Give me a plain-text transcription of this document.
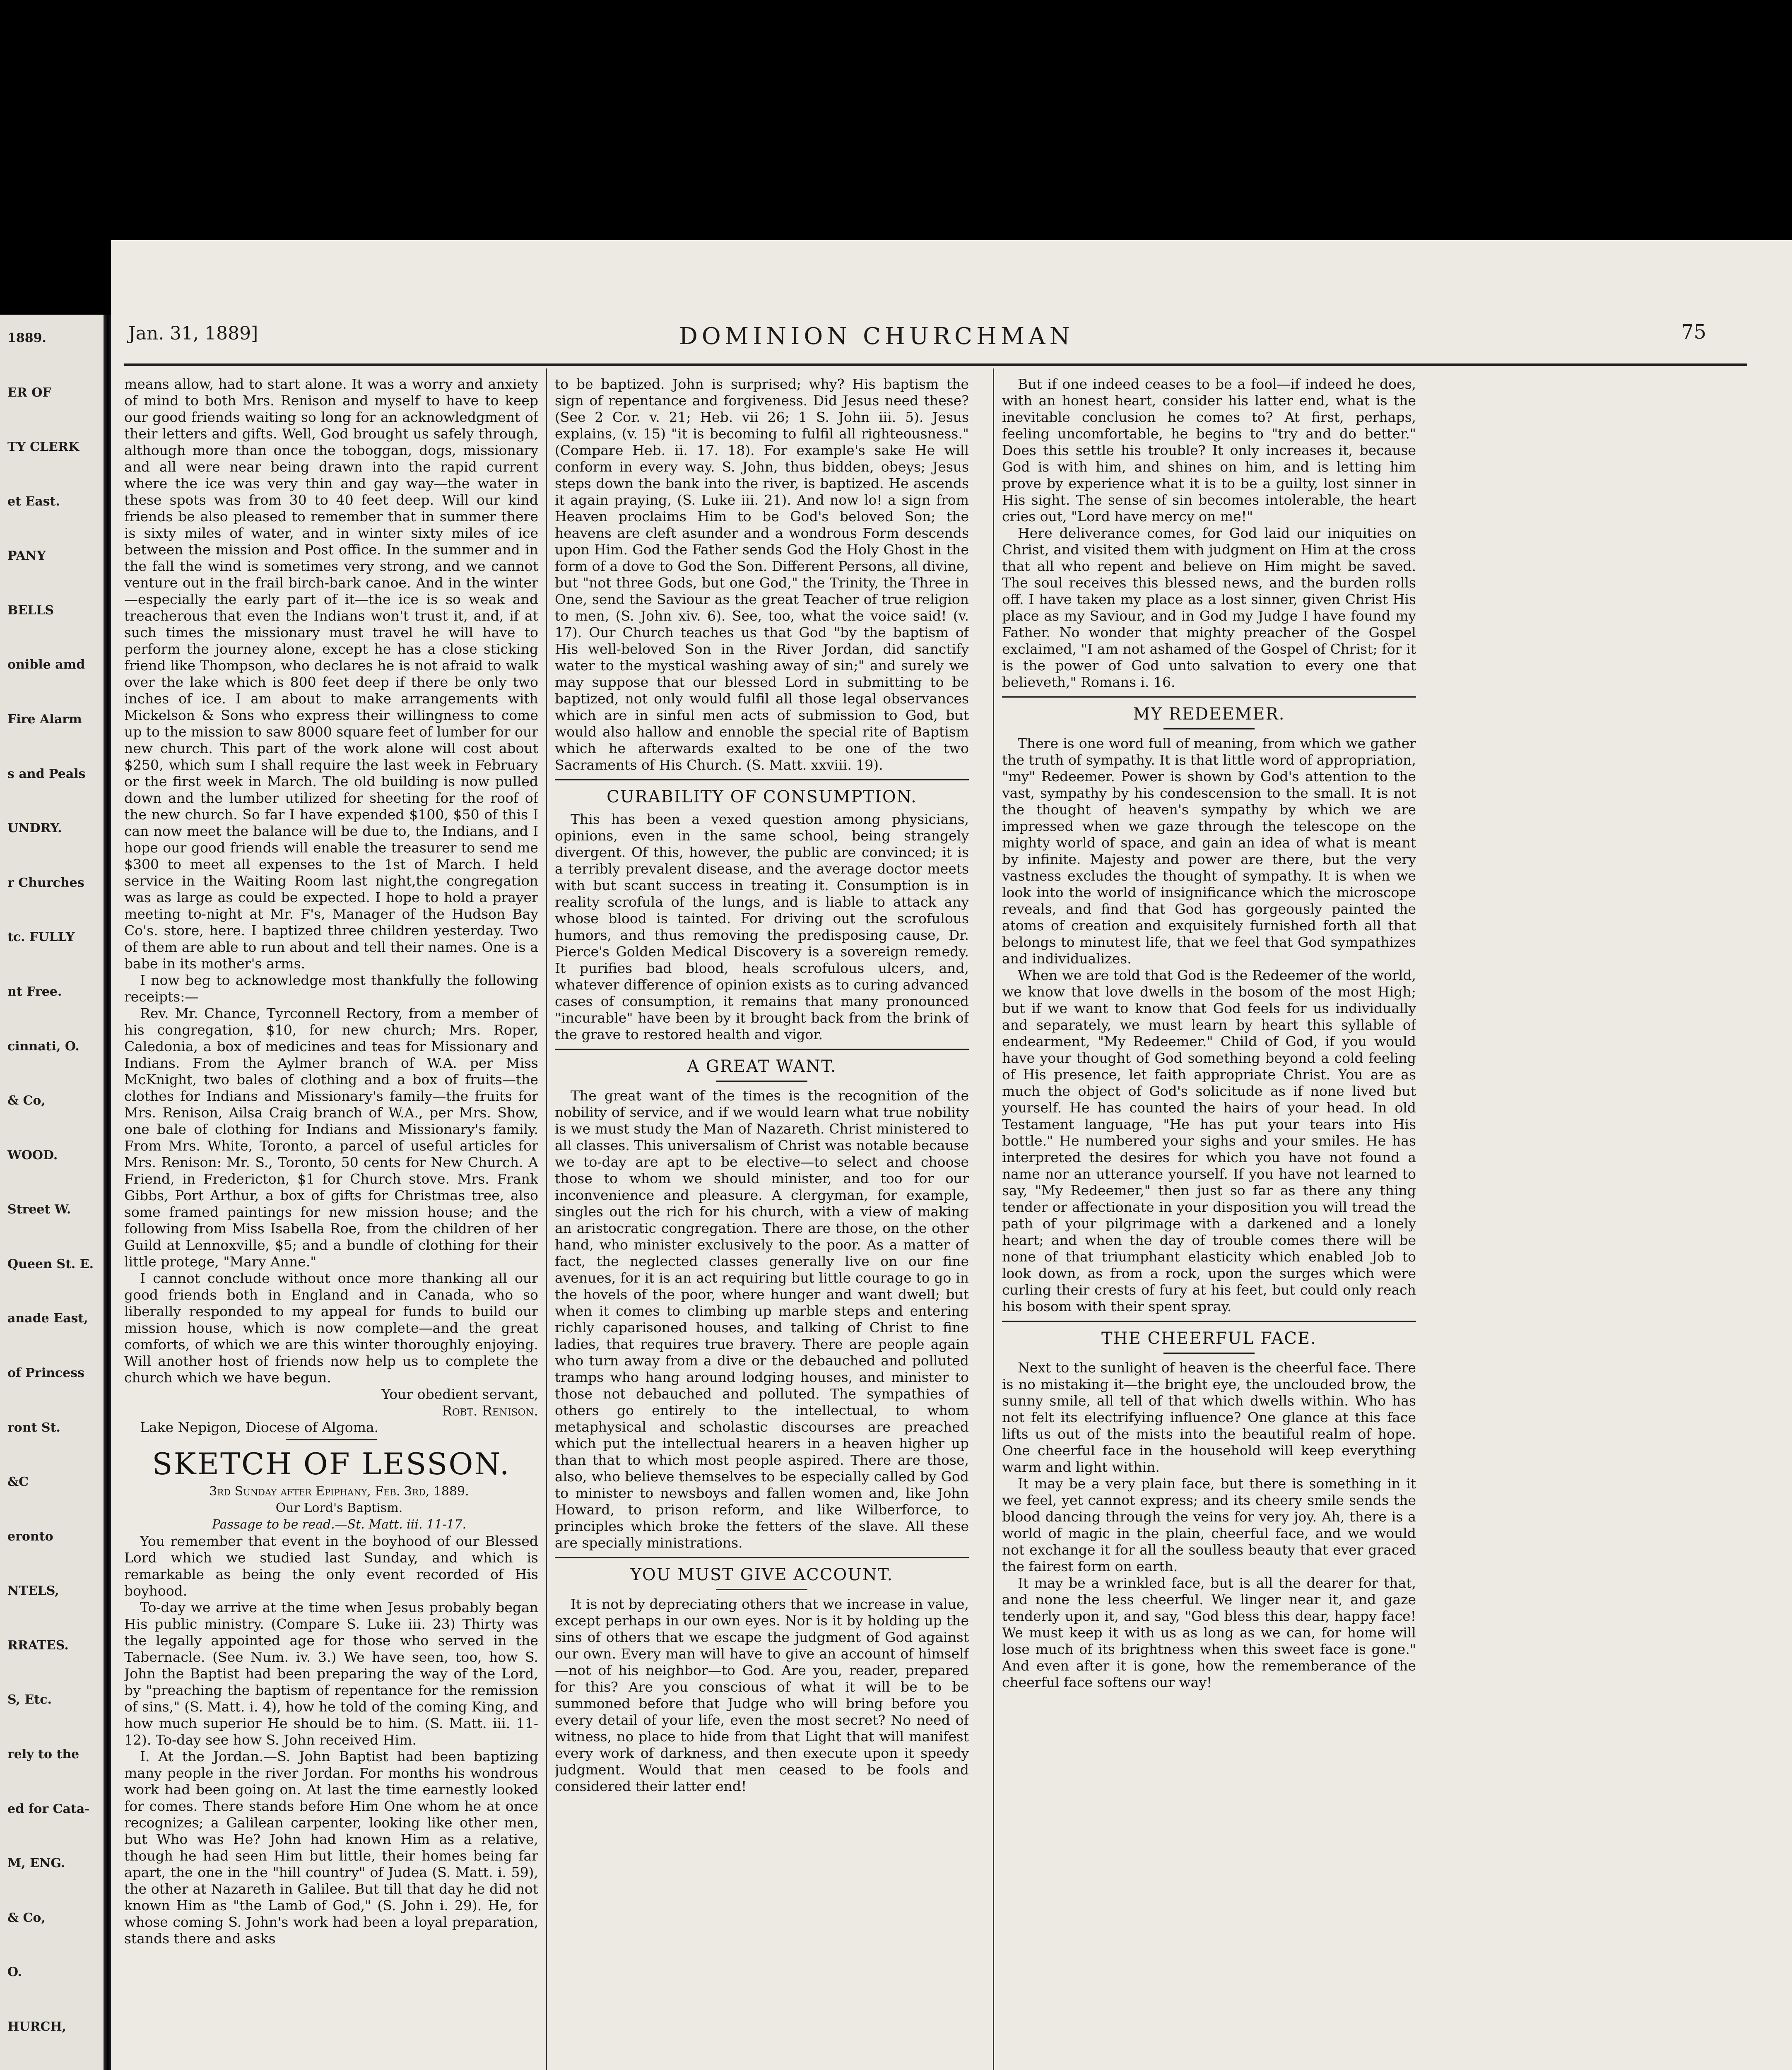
1889.
ER OF
TY CLERK
et East.
PANY
BELLS
onible amd
Fire Alarm
s and Peals
UNDRY.
r Churches
tc. FULLY
nt Free.
cinnati, O.
& Co,
WOOD.
Street W.
Queen St. E.
anade East,
of Princess
ront St.
&C
eronto
NTELS,
RRATES.
S, Etc.
rely to the
ed for Cata-
M, ENG.
& Co,
O.
HURCH,
Jan. 31, 1889]	DOMINION CHURCHMAN	75

means allow, had to start alone. It was a worry and anxiety of mind to both Mrs. Renison and myself to have to keep our good friends waiting so long for an acknowledgment of their letters and gifts. Well, God brought us safely through, although more than once the toboggan, dogs, missionary and all were near being drawn into the rapid current where the ice was very thin and gay way—the water in these spots was from 30 to 40 feet deep. Will our kind friends be also pleased to remember that in summer there is sixty miles of water, and in winter sixty miles of ice between the mission and Post office. In the summer and in the fall the wind is sometimes very strong, and we cannot venture out in the frail birch-bark canoe. And in the winter—especially the early part of it—the ice is so weak and treacherous that even the Indians won't trust it, and, if at such times the missionary must travel he will have to perform the journey alone, except he has a close sticking friend like Thompson, who declares he is not afraid to walk over the lake which is 800 feet deep if there be only two inches of ice. I am about to make arrangements with Mickelson & Sons who express their willingness to come up to the mission to saw 8000 square feet of lumber for our new church. This part of the work alone will cost about $250, which sum I shall require the last week in February or the first week in March. The old building is now pulled down and the lumber utilized for sheeting for the roof of the new church. So far I have expended $100, $50 of this I can now meet the balance will be due to, the Indians, and I hope our good friends will enable the treasurer to send me $300 to meet all expenses to the 1st of March. I held service in the Waiting Room last night,the congregation was as large as could be expected. I hope to hold a prayer meeting to-night at Mr. F's, Manager of the Hudson Bay Co's. store, here. I baptized three children yesterday. Two of them are able to run about and tell their names. One is a babe in its mother's arms.

I now beg to acknowledge most thankfully the following receipts:—

Rev. Mr. Chance, Tyrconnell Rectory, from a member of his congregation, $10, for new church; Mrs. Roper, Caledonia, a box of medicines and teas for Missionary and Indians. From the Aylmer branch of W.A. per Miss McKnight, two bales of clothing and a box of fruits—the clothes for Indians and Missionary's family—the fruits for Mrs. Renison, Ailsa Craig branch of W.A., per Mrs. Show, one bale of clothing for Indians and Missionary's family. From Mrs. White, Toronto, a parcel of useful articles for Mrs. Renison: Mr. S., Toronto, 50 cents for New Church. A Friend, in Fredericton, $1 for Church stove. Mrs. Frank Gibbs, Port Arthur, a box of gifts for Christmas tree, also some framed paintings for new mission house; and the following from Miss Isabella Roe, from the children of her Guild at Lennoxville, $5; and a bundle of clothing for their little protege, "Mary Anne."

I cannot conclude without once more thanking all our good friends both in England and in Canada, who so liberally responded to my appeal for funds to build our mission house, which is now complete—and the great comforts, of which we are this winter thoroughly enjoying. Will another host of friends now help us to complete the church which we have begun.

Your obedient servant,

Robt. Renison.

Lake Nepigon, Diocese of Algoma.

SKETCH OF LESSON.

3rd Sunday after Epiphany, Feb. 3rd, 1889.

Our Lord's Baptism.

Passage to be read.—St. Matt. iii. 11-17.

You remember that event in the boyhood of our Blessed Lord which we studied last Sunday, and which is remarkable as being the only event recorded of His boyhood.

To-day we arrive at the time when Jesus probably began His public ministry. (Compare S. Luke iii. 23) Thirty was the legally appointed age for those who served in the Tabernacle. (See Num. iv. 3.) We have seen, too, how S. John the Baptist had been preparing the way of the Lord, by "preaching the baptism of repentance for the remission of sins," (S. Matt. i. 4), how he told of the coming King, and how much superior He should be to him. (S. Matt. iii. 11-12). To-day see how S. John received Him.

I. At the Jordan.—S. John Baptist had been baptizing many people in the river Jordan. For months his wondrous work had been going on. At last the time earnestly looked for comes. There stands before Him One whom he at once recognizes; a Galilean carpenter, looking like other men, but Who was He? John had known Him as a relative, though he had seen Him but little, their homes being far apart, the one in the "hill country" of Judea (S. Matt. i. 59), the other at Nazareth in Galilee. But till that day he did not known Him as "the Lamb of God," (S. John i. 29). He, for whose coming S. John's work had been a loyal preparation, stands there and asks

to be baptized. John is surprised; why? His baptism the sign of repentance and forgiveness. Did Jesus need these? (See 2 Cor. v. 21; Heb. vii 26; 1 S. John iii. 5). Jesus explains, (v. 15) "it is becoming to fulfil all righteousness." (Compare Heb. ii. 17. 18). For example's sake He will conform in every way. S. John, thus bidden, obeys; Jesus steps down the bank into the river, is baptized. He ascends it again praying, (S. Luke iii. 21). And now lo! a sign from Heaven proclaims Him to be God's beloved Son; the heavens are cleft asunder and a wondrous Form descends upon Him. God the Father sends God the Holy Ghost in the form of a dove to God the Son. Different Persons, all divine, but "not three Gods, but one God," the Trinity, the Three in One, send the Saviour as the great Teacher of true religion to men, (S. John xiv. 6). See, too, what the voice said! (v. 17). Our Church teaches us that God "by the baptism of His well-beloved Son in the River Jordan, did sanctify water to the mystical washing away of sin;" and surely we may suppose that our blessed Lord in submitting to be baptized, not only would fulfil all those legal observances which are in sinful men acts of submission to God, but would also hallow and ennoble the special rite of Baptism which he afterwards exalted to be one of the two Sacraments of His Church. (S. Matt. xxviii. 19).

CURABILITY OF CONSUMPTION.

This has been a vexed question among physicians, opinions, even in the same school, being strangely divergent. Of this, however, the public are convinced; it is a terribly prevalent disease, and the average doctor meets with but scant success in treating it. Consumption is in reality scrofula of the lungs, and is liable to attack any whose blood is tainted. For driving out the scrofulous humors, and thus removing the predisposing cause, Dr. Pierce's Golden Medical Discovery is a sovereign remedy. It purifies bad blood, heals scrofulous ulcers, and, whatever difference of opinion exists as to curing advanced cases of consumption, it remains that many pronounced "incurable" have been by it brought back from the brink of the grave to restored health and vigor.

A GREAT WANT.

The great want of the times is the recognition of the nobility of service, and if we would learn what true nobility is we must study the Man of Nazareth. Christ ministered to all classes. This universalism of Christ was notable because we to-day are apt to be elective—to select and choose those to whom we should minister, and too for our inconvenience and pleasure. A clergyman, for example, singles out the rich for his church, with a view of making an aristocratic congregation. There are those, on the other hand, who minister exclusively to the poor. As a matter of fact, the neglected classes generally live on our fine avenues, for it is an act requiring but little courage to go in the hovels of the poor, where hunger and want dwell; but when it comes to climbing up marble steps and entering richly caparisoned houses, and talking of Christ to fine ladies, that requires true bravery. There are people again who turn away from a dive or the debauched and polluted tramps who hang around lodging houses, and minister to those not debauched and polluted. The sympathies of others go entirely to the intellectual, to whom metaphysical and scholastic discourses are preached which put the intellectual hearers in a heaven higher up than that to which most people aspired. There are those, also, who believe themselves to be especially called by God to minister to newsboys and fallen women and, like John Howard, to prison reform, and like Wilberforce, to principles which broke the fetters of the slave. All these are specially ministrations.

YOU MUST GIVE ACCOUNT.

It is not by depreciating others that we increase in value, except perhaps in our own eyes. Nor is it by holding up the sins of others that we escape the judgment of God against our own. Every man will have to give an account of himself—not of his neighbor—to God. Are you, reader, prepared for this? Are you conscious of what it will be to be summoned before that Judge who will bring before you every detail of your life, even the most secret? No need of witness, no place to hide from that Light that will manifest every work of darkness, and then execute upon it speedy judgment. Would that men ceased to be fools and considered their latter end!

But if one indeed ceases to be a fool—if indeed he does, with an honest heart, consider his latter end, what is the inevitable conclusion he comes to? At first, perhaps, feeling uncomfortable, he begins to "try and do better." Does this settle his trouble? It only increases it, because God is with him, and shines on him, and is letting him prove by experience what it is to be a guilty, lost sinner in His sight. The sense of sin becomes intolerable, the heart cries out, "Lord have mercy on me!"

Here deliverance comes, for God laid our iniquities on Christ, and visited them with judgment on Him at the cross that all who repent and believe on Him might be saved. The soul receives this blessed news, and the burden rolls off. I have taken my place as a lost sinner, given Christ His place as my Saviour, and in God my Judge I have found my Father. No wonder that mighty preacher of the Gospel exclaimed, "I am not ashamed of the Gospel of Christ; for it is the power of God unto salvation to every one that believeth," Romans i. 16.

MY REDEEMER.

There is one word full of meaning, from which we gather the truth of sympathy. It is that little word of appropriation, "my" Redeemer. Power is shown by God's attention to the vast, sympathy by his condescension to the small. It is not the thought of heaven's sympathy by which we are impressed when we gaze through the telescope on the mighty world of space, and gain an idea of what is meant by infinite. Majesty and power are there, but the very vastness excludes the thought of sympathy. It is when we look into the world of insignificance which the microscope reveals, and find that God has gorgeously painted the atoms of creation and exquisitely furnished forth all that belongs to minutest life, that we feel that God sympathizes and individualizes.

When we are told that God is the Redeemer of the world, we know that love dwells in the bosom of the most High; but if we want to know that God feels for us individually and separately, we must learn by heart this syllable of endearment, "My Redeemer." Child of God, if you would have your thought of God something beyond a cold feeling of His presence, let faith appropriate Christ. You are as much the object of God's solicitude as if none lived but yourself. He has counted the hairs of your head. In old Testament language, "He has put your tears into His bottle." He numbered your sighs and your smiles. He has interpreted the desires for which you have not found a name nor an utterance yourself. If you have not learned to say, "My Redeemer," then just so far as there any thing tender or affectionate in your disposition you will tread the path of your pilgrimage with a darkened and a lonely heart; and when the day of trouble comes there will be none of that triumphant elasticity which enabled Job to look down, as from a rock, upon the surges which were curling their crests of fury at his feet, but could only reach his bosom with their spent spray.

THE CHEERFUL FACE.

Next to the sunlight of heaven is the cheerful face. There is no mistaking it—the bright eye, the unclouded brow, the sunny smile, all tell of that which dwells within. Who has not felt its electrifying influence? One glance at this face lifts us out of the mists into the beautiful realm of hope. One cheerful face in the household will keep everything warm and light within.

It may be a very plain face, but there is something in it we feel, yet cannot express; and its cheery smile sends the blood dancing through the veins for very joy. Ah, there is a world of magic in the plain, cheerful face, and we would not exchange it for all the soulless beauty that ever graced the fairest form on earth.

It may be a wrinkled face, but is all the dearer for that, and none the less cheerful. We linger near it, and gaze tenderly upon it, and say, "God bless this dear, happy face! We must keep it with us as long as we can, for home will lose much of its brightness when this sweet face is gone." And even after it is gone, how the rememberance of the cheerful face softens our way!
